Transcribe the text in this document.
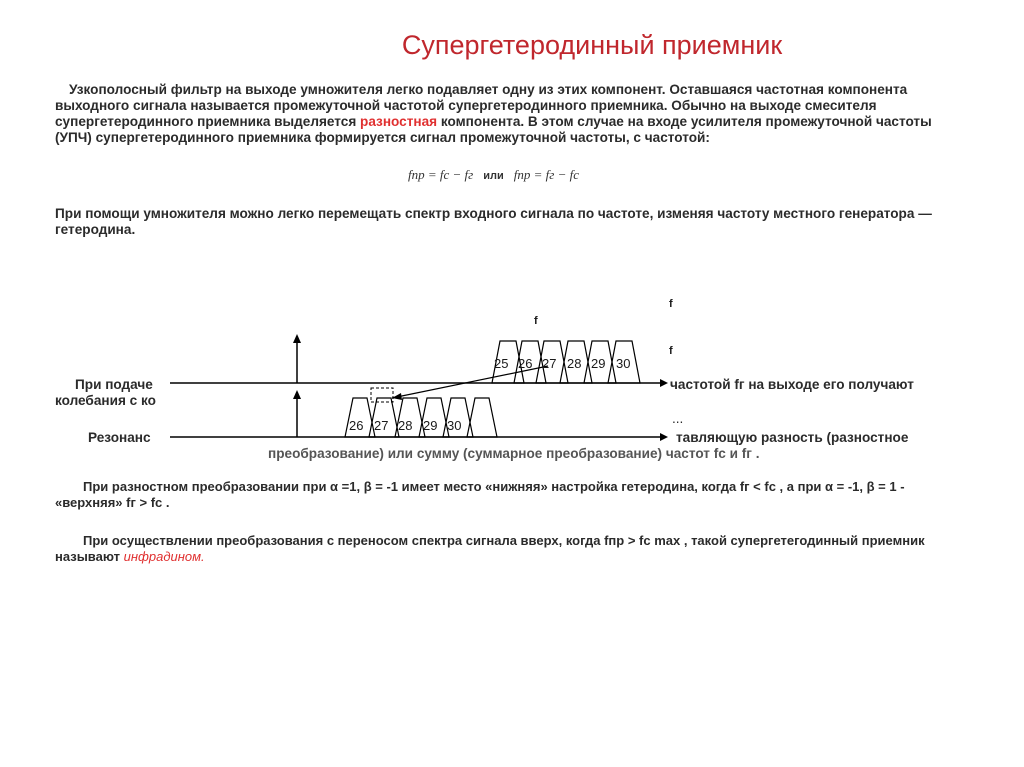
Супергетеродинный приемник
Узкополосный фильтр на выходе умножителя легко подавляет одну из этих компонент. Оставшаяся частотная компонента выходного сигнала называется промежуточной частотой супергетеродинного приемника. Обычно на выходе смесителя супергетеродинного приемника выделяется разностная компонента. В этом случае на входе усилителя промежуточной частоты (УПЧ) супергетеродинного приемника формируется сигнал промежуточной частоты, с частотой:
fпр = fc − fг или fпр = fг − fc
При помощи умножителя можно легко перемещать спектр входного сигнала по частоте, изменяя частоту местного генератора — гетеродина.
При подаче
колебания с ко
Резонанс
25 26 27 28 29 30
26 27 28 29 30
f
f
f
частотой fг на выходе его получают
...
тавляющую разность (разностное
преобразование) или сумму (суммарное преобразование) частот fc и fг .
При разностном преобразовании при α =1, β = -1 имеет место «нижняя» настройка гетеродина, когда fг < fc , а при α = -1, β = 1 - «верхняя» fг > fc .
При осуществлении преобразования с переносом спектра сигнала вверх, когда fпр > fc max , такой супергетегодинный приемник называют инфрадином.
